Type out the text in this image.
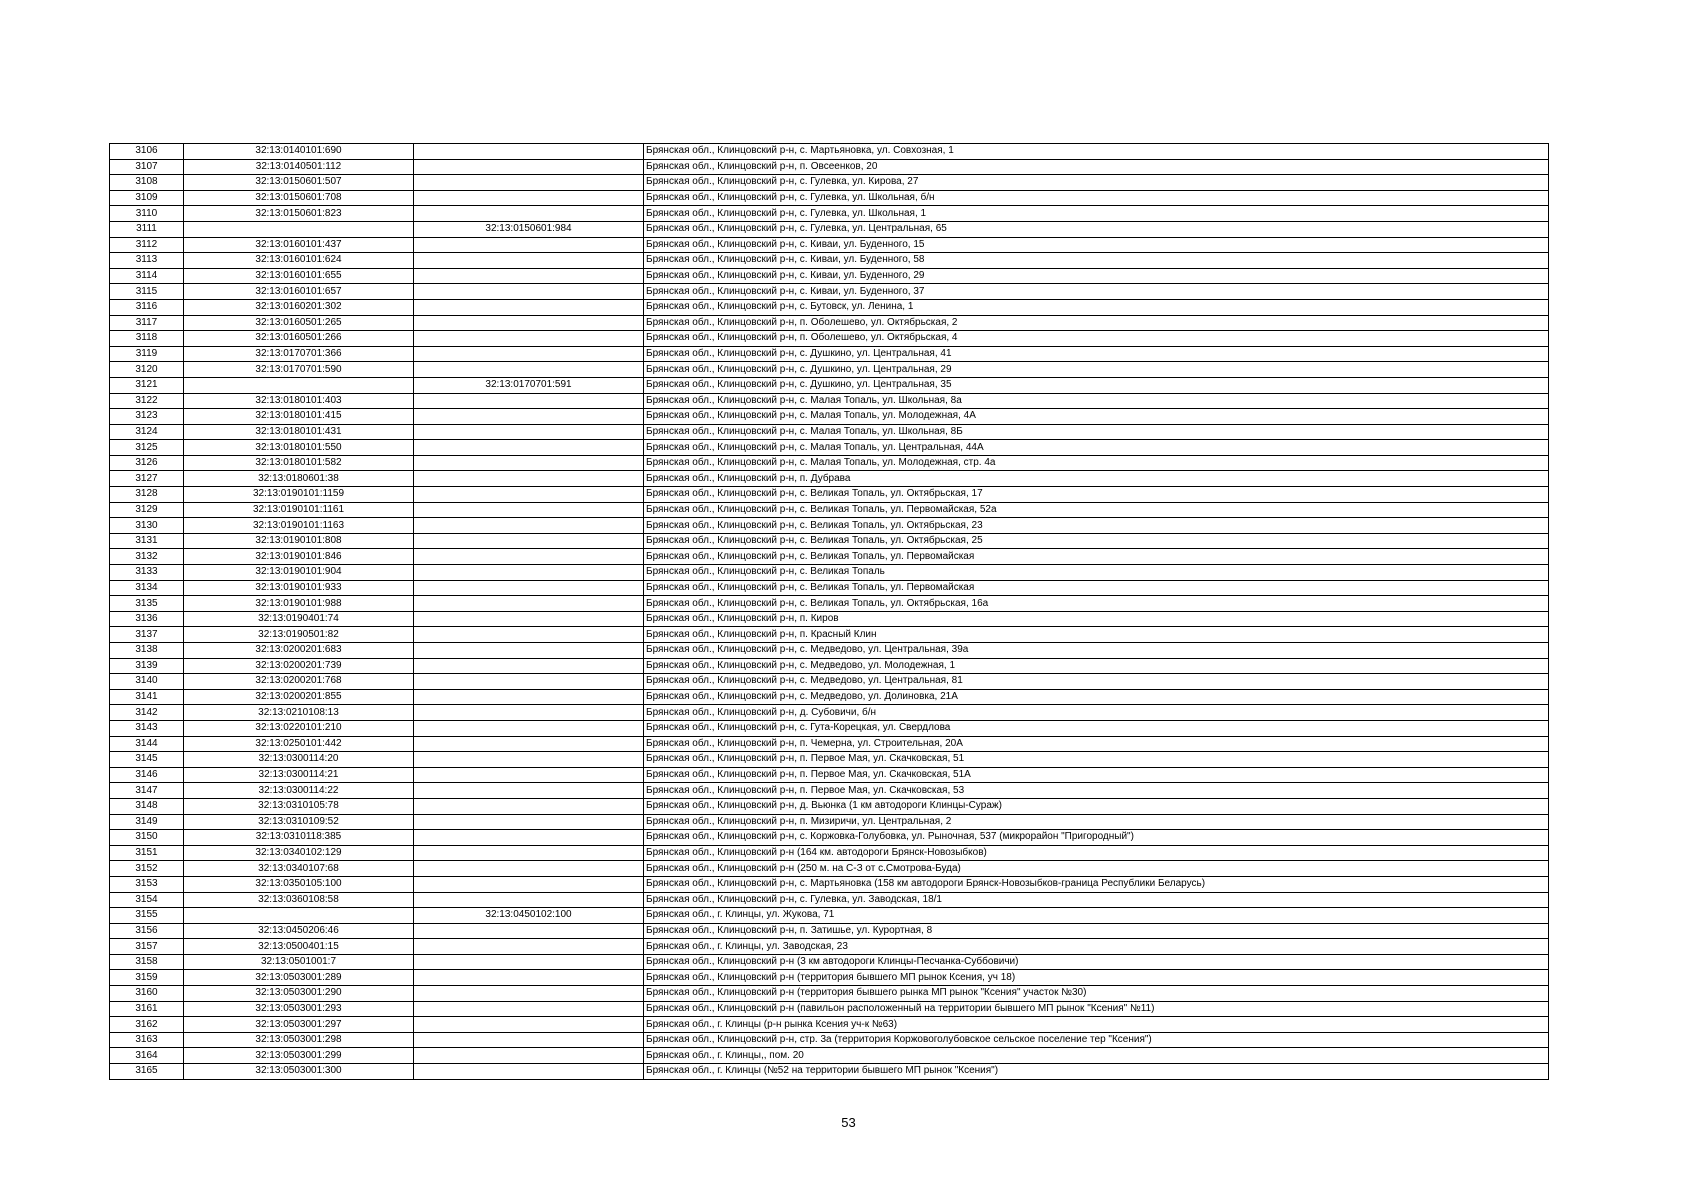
3106	32:13:0140101:690		Брянская обл., Клинцовский р-н, с. Мартьяновка, ул. Совхозная, 1
3107	32:13:0140501:112		Брянская обл., Клинцовский р-н, п. Овсеенков, 20
3108	32:13:0150601:507		Брянская обл., Клинцовский р-н, с. Гулевка, ул. Кирова, 27
3109	32:13:0150601:708		Брянская обл., Клинцовский р-н, с. Гулевка, ул. Школьная, б/н
3110	32:13:0150601:823		Брянская обл., Клинцовский р-н, с. Гулевка, ул. Школьная, 1
3111		32:13:0150601:984	Брянская обл., Клинцовский р-н, с. Гулевка, ул. Центральная, 65
3112	32:13:0160101:437		Брянская обл., Клинцовский р-н, с. Киваи, ул. Буденного, 15
3113	32:13:0160101:624		Брянская обл., Клинцовский р-н, с. Киваи, ул. Буденного, 58
3114	32:13:0160101:655		Брянская обл., Клинцовский р-н, с. Киваи, ул. Буденного, 29
3115	32:13:0160101:657		Брянская обл., Клинцовский р-н, с. Киваи, ул. Буденного, 37
3116	32:13:0160201:302		Брянская обл., Клинцовский р-н, с. Бутовск, ул. Ленина, 1
3117	32:13:0160501:265		Брянская обл., Клинцовский р-н, п. Оболешево, ул. Октябрьская, 2
3118	32:13:0160501:266		Брянская обл., Клинцовский р-н, п. Оболешево, ул. Октябрьская, 4
3119	32:13:0170701:366		Брянская обл., Клинцовский р-н, с. Душкино, ул. Центральная, 41
3120	32:13:0170701:590		Брянская обл., Клинцовский р-н, с. Душкино, ул. Центральная, 29
3121		32:13:0170701:591	Брянская обл., Клинцовский р-н, с. Душкино, ул. Центральная, 35
3122	32:13:0180101:403		Брянская обл., Клинцовский р-н, с. Малая Топаль, ул. Школьная, 8а
3123	32:13:0180101:415		Брянская обл., Клинцовский р-н, с. Малая Топаль, ул. Молодежная, 4А
3124	32:13:0180101:431		Брянская обл., Клинцовский р-н, с. Малая Топаль, ул. Школьная, 8Б
3125	32:13:0180101:550		Брянская обл., Клинцовский р-н, с. Малая Топаль, ул. Центральная, 44А
3126	32:13:0180101:582		Брянская обл., Клинцовский р-н, с. Малая Топаль, ул. Молодежная, стр. 4а
3127	32:13:0180601:38		Брянская обл., Клинцовский р-н, п. Дубрава
3128	32:13:0190101:1159		Брянская обл., Клинцовский р-н, с. Великая Топаль, ул. Октябрьская, 17
3129	32:13:0190101:1161		Брянская обл., Клинцовский р-н, с. Великая Топаль, ул. Первомайская, 52а
3130	32:13:0190101:1163		Брянская обл., Клинцовский р-н, с. Великая Топаль, ул. Октябрьская, 23
3131	32:13:0190101:808		Брянская обл., Клинцовский р-н, с. Великая Топаль, ул. Октябрьская, 25
3132	32:13:0190101:846		Брянская обл., Клинцовский р-н, с. Великая Топаль, ул. Первомайская
3133	32:13:0190101:904		Брянская обл., Клинцовский р-н, с. Великая Топаль
3134	32:13:0190101:933		Брянская обл., Клинцовский р-н, с. Великая Топаль, ул. Первомайская
3135	32:13:0190101:988		Брянская обл., Клинцовский р-н, с. Великая Топаль, ул. Октябрьская, 16а
3136	32:13:0190401:74		Брянская обл., Клинцовский р-н, п. Киров
3137	32:13:0190501:82		Брянская обл., Клинцовский р-н, п. Красный Клин
3138	32:13:0200201:683		Брянская обл., Клинцовский р-н, с. Медведово, ул. Центральная, 39а
3139	32:13:0200201:739		Брянская обл., Клинцовский р-н, с. Медведово, ул. Молодежная, 1
3140	32:13:0200201:768		Брянская обл., Клинцовский р-н, с. Медведово, ул. Центральная, 81
3141	32:13:0200201:855		Брянская обл., Клинцовский р-н, с. Медведово, ул. Долиновка, 21А
3142	32:13:0210108:13		Брянская обл., Клинцовский р-н, д. Субовичи, б/н
3143	32:13:0220101:210		Брянская обл., Клинцовский р-н, с. Гута-Корецкая, ул. Свердлова
3144	32:13:0250101:442		Брянская обл., Клинцовский р-н, п. Чемерна, ул. Строительная, 20А
3145	32:13:0300114:20		Брянская обл., Клинцовский р-н, п. Первое Мая, ул. Скачковская, 51
3146	32:13:0300114:21		Брянская обл., Клинцовский р-н, п. Первое Мая, ул. Скачковская, 51А
3147	32:13:0300114:22		Брянская обл., Клинцовский р-н, п. Первое Мая, ул. Скачковская, 53
3148	32:13:0310105:78		Брянская обл., Клинцовский р-н, д. Вьюнка (1 км автодороги Клинцы-Сураж)
3149	32:13:0310109:52		Брянская обл., Клинцовский р-н, п. Мизиричи, ул. Центральная, 2
3150	32:13:0310118:385		Брянская обл., Клинцовский р-н, с. Коржовка-Голубовка, ул. Рыночная, 537 (микрорайон "Пригородный")
3151	32:13:0340102:129		Брянская обл., Клинцовский р-н (164 км. автодороги Брянск-Новозыбков)
3152	32:13:0340107:68		Брянская обл., Клинцовский р-н (250 м. на С-З от с.Смотрова-Буда)
3153	32:13:0350105:100		Брянская обл., Клинцовский р-н, с. Мартьяновка (158 км автодороги Брянск-Новозыбков-граница Республики Беларусь)
3154	32:13:0360108:58		Брянская обл., Клинцовский р-н, с. Гулевка, ул. Заводская, 18/1
3155		32:13:0450102:100	Брянская обл., г. Клинцы, ул. Жукова, 71
3156	32:13:0450206:46		Брянская обл., Клинцовский р-н, п. Затишье, ул. Курортная, 8
3157	32:13:0500401:15		Брянская обл., г. Клинцы, ул. Заводская, 23
3158	32:13:0501001:7		Брянская обл., Клинцовский р-н (3 км автодороги Клинцы-Песчанка-Суббовичи)
3159	32:13:0503001:289		Брянская обл., Клинцовский р-н (территория бывшего МП рынок Ксения, уч 18)
3160	32:13:0503001:290		Брянская обл., Клинцовский р-н (территория бывшего рынка МП рынок "Ксения" участок №30)
3161	32:13:0503001:293		Брянская обл., Клинцовский р-н (павильон расположенный на территории бывшего МП рынок "Ксения" №11)
3162	32:13:0503001:297		Брянская обл., г. Клинцы (р-н рынка Ксения уч-к №63)
3163	32:13:0503001:298		Брянская обл., Клинцовский р-н, стр. 3а (территория Коржовоголубовское сельское поселение тер "Ксения")
3164	32:13:0503001:299		Брянская обл., г. Клинцы,, пом. 20
3165	32:13:0503001:300		Брянская обл., г. Клинцы (№52 на территории бывшего МП рынок "Ксения")
53
